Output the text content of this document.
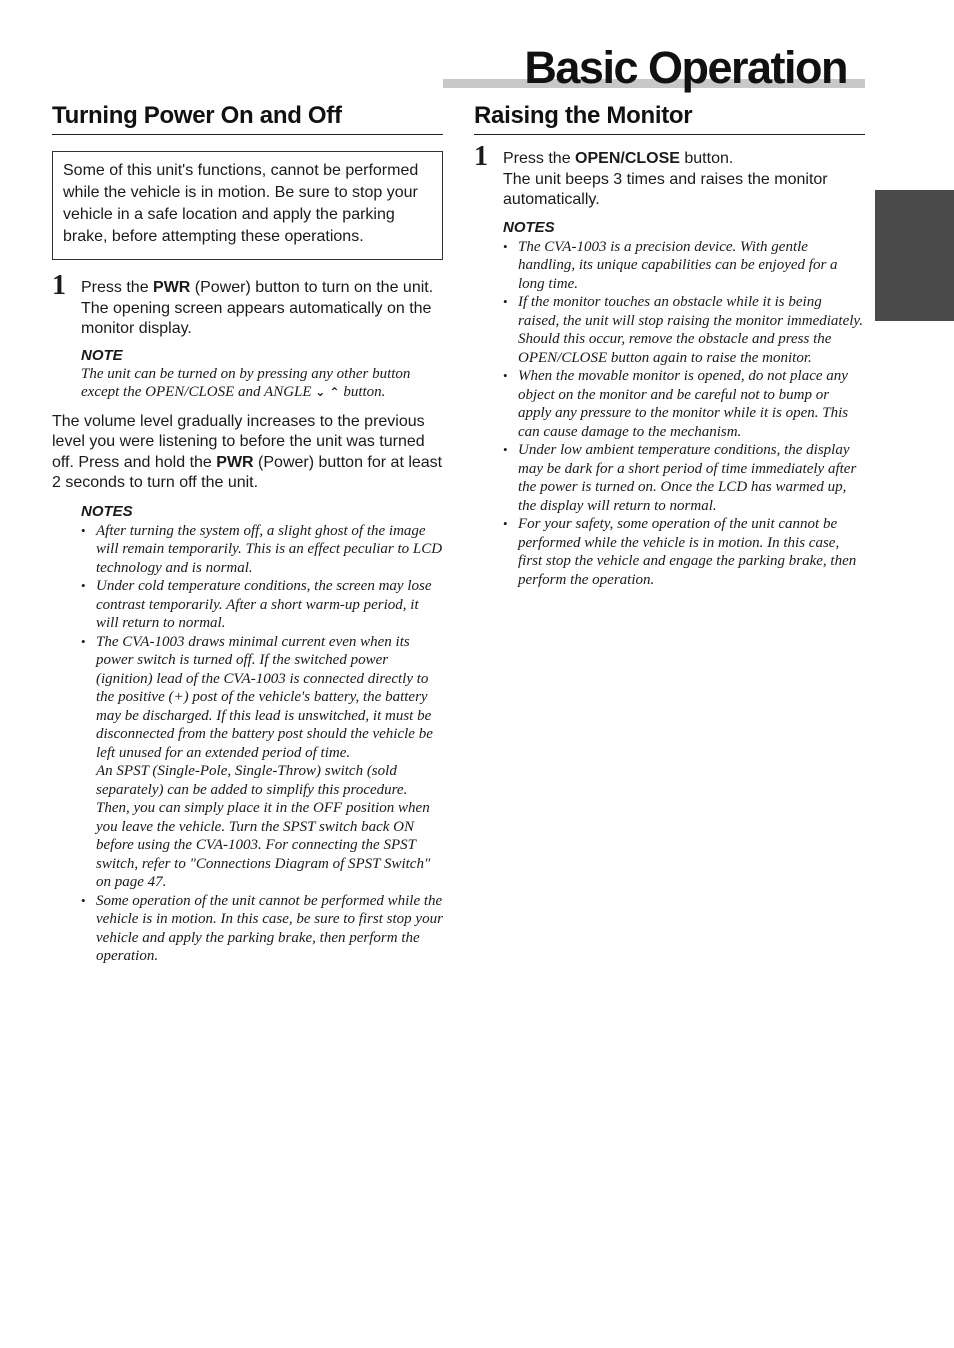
Basic Operation
Turning Power On and Off
Some of this unit's functions, cannot be performed while the vehicle is in motion. Be sure to stop your vehicle in a safe location and apply the parking brake, before attempting these operations.
1 Press the PWR (Power) button to turn on the unit.

The opening screen appears automatically on the monitor display.

NOTE
The unit can be turned on by pressing any other button except the OPEN/CLOSE and ANGLE ⌄ ⌃ button.
The volume level gradually increases to the previous level you were listening to before the unit was turned off. Press and hold the PWR (Power) button for at least 2 seconds to turn off the unit.
NOTES
• After turning the system off, a slight ghost of the image will remain temporarily. This is an effect peculiar to LCD technology and is normal.
• Under cold temperature conditions, the screen may lose contrast temporarily. After a short warm-up period, it will return to normal.
• The CVA-1003 draws minimal current even when its power switch is turned off. If the switched power (ignition) lead of the CVA-1003 is connected directly to the positive (+) post of the vehicle's battery, the battery may be discharged. If this lead is unswitched, it must be disconnected from the battery post should the vehicle be left unused for an extended period of time.
An SPST (Single-Pole, Single-Throw) switch (sold separately) can be added to simplify this procedure. Then, you can simply place it in the OFF position when you leave the vehicle. Turn the SPST switch back ON before using the CVA-1003. For connecting the SPST switch, refer to "Connections Diagram of SPST Switch" on page 47.
• Some operation of the unit cannot be performed while the vehicle is in motion. In this case, be sure to first stop your vehicle and apply the parking brake, then perform the operation.
Raising the Monitor
1 Press the OPEN/CLOSE button.

The unit beeps 3 times and raises the monitor automatically.

NOTES
• The CVA-1003 is a precision device. With gentle handling, its unique capabilities can be enjoyed for a long time.
• If the monitor touches an obstacle while it is being raised, the unit will stop raising the monitor immediately. Should this occur, remove the obstacle and press the OPEN/CLOSE button again to raise the monitor.
• When the movable monitor is opened, do not place any object on the monitor and be careful not to bump or apply any pressure to the monitor while it is open. This can cause damage to the mechanism.
• Under low ambient temperature conditions, the display may be dark for a short period of time immediately after the power is turned on. Once the LCD has warmed up, the display will return to normal.
• For your safety, some operation of the unit cannot be performed while the vehicle is in motion. In this case, first stop the vehicle and engage the parking brake, then perform the operation.
